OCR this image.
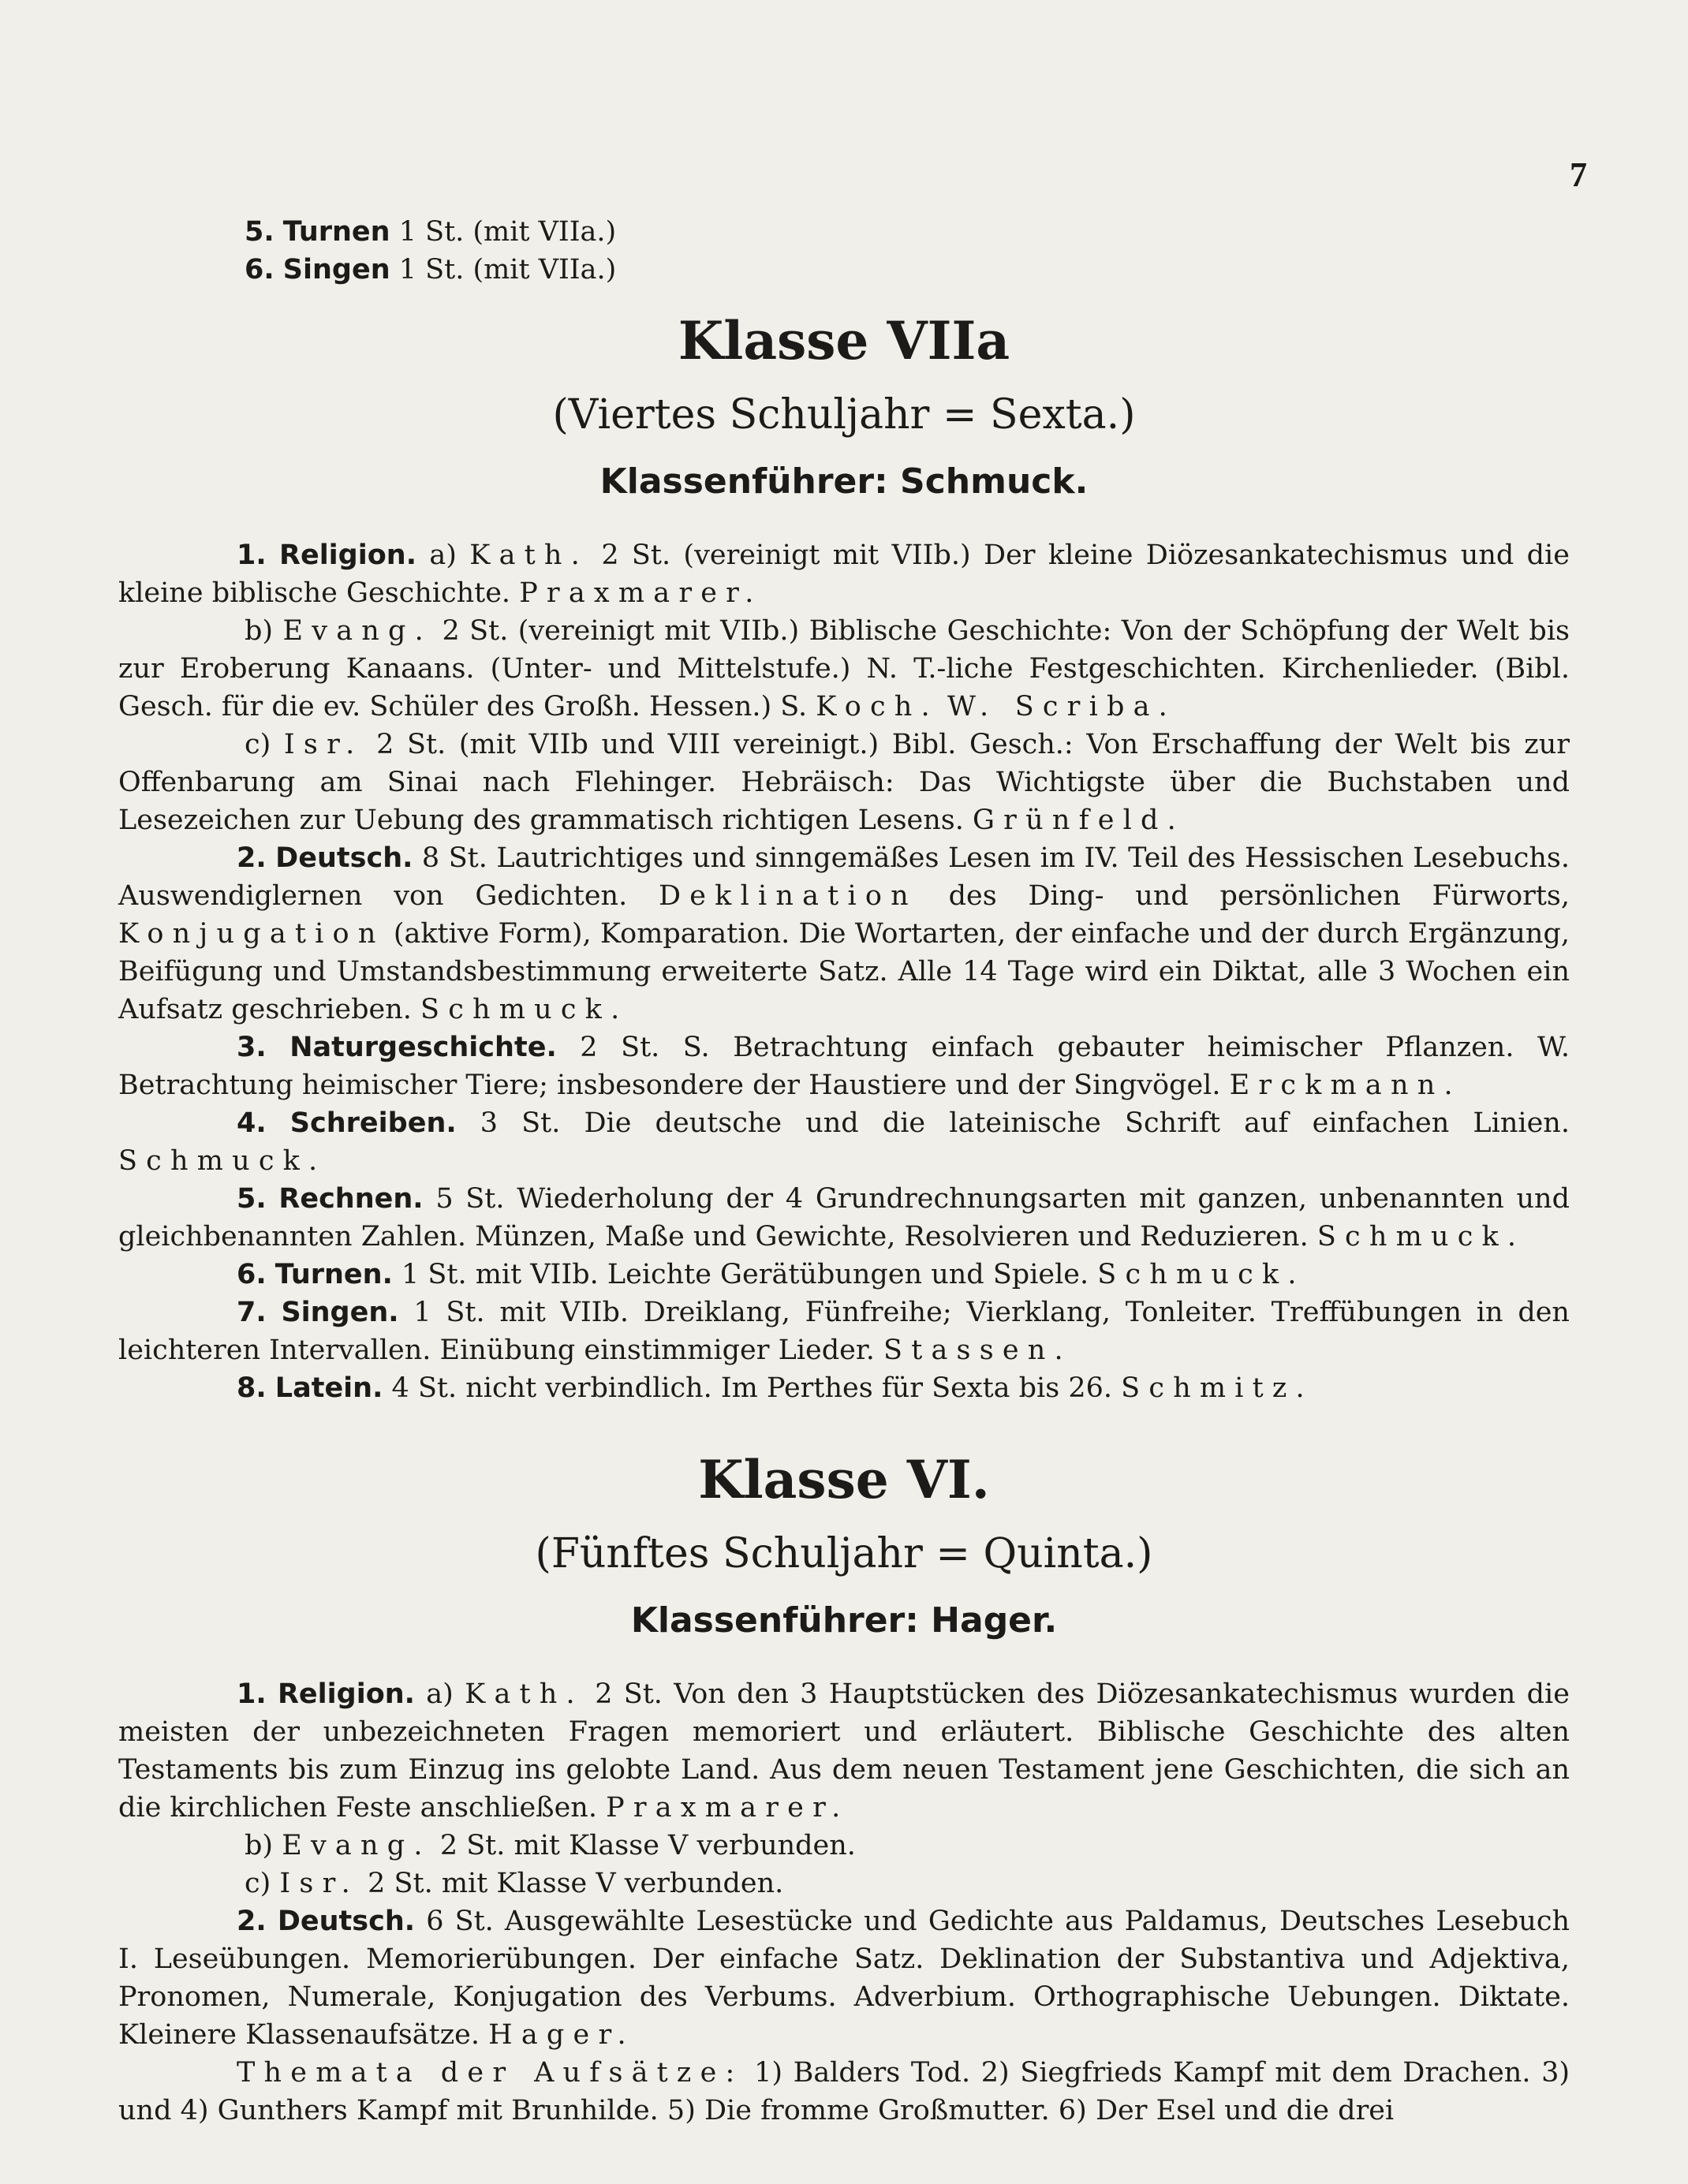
7

5. Turnen 1 St. (mit VIIa.)

6. Singen 1 St. (mit VIIa.)

Klasse VIIa
(Viertes Schuljahr = Sexta.)
Klassenführer: Schmuck.

1. Religion. a) Kath. 2 St. (vereinigt mit VIIb.) Der kleine Diözesankatechismus und die kleine biblische Geschichte. Praxmarer.

b) Evang. 2 St. (vereinigt mit VIIb.) Biblische Geschichte: Von der Schöpfung der Welt bis zur Eroberung Kanaans. (Unter- und Mittelstufe.) N. T.-liche Festgeschichten. Kirchenlieder. (Bibl. Gesch. für die ev. Schüler des Großh. Hessen.) S. Koch. W. Scriba.

c) Isr. 2 St. (mit VIIb und VIII vereinigt.) Bibl. Gesch.: Von Erschaffung der Welt bis zur Offenbarung am Sinai nach Flehinger. Hebräisch: Das Wichtigste über die Buchstaben und Lesezeichen zur Uebung des grammatisch richtigen Lesens. Grünfeld.

2. Deutsch. 8 St. Lautrichtiges und sinngemäßes Lesen im IV. Teil des Hessischen Lesebuchs. Auswendiglernen von Gedichten. Deklination des Ding- und persönlichen Fürworts, Konjugation (aktive Form), Komparation. Die Wortarten, der einfache und der durch Ergänzung, Beifügung und Umstandsbestimmung erweiterte Satz. Alle 14 Tage wird ein Diktat, alle 3 Wochen ein Aufsatz geschrieben. Schmuck.

3. Naturgeschichte. 2 St. S. Betrachtung einfach gebauter heimischer Pflanzen. W. Betrachtung heimischer Tiere; insbesondere der Haustiere und der Singvögel. Erckmann.

4. Schreiben. 3 St. Die deutsche und die lateinische Schrift auf einfachen Linien. Schmuck.

5. Rechnen. 5 St. Wiederholung der 4 Grundrechnungsarten mit ganzen, unbenannten und gleichbenannten Zahlen. Münzen, Maße und Gewichte, Resolvieren und Reduzieren. Schmuck.

6. Turnen. 1 St. mit VIIb. Leichte Gerätübungen und Spiele. Schmuck.

7. Singen. 1 St. mit VIIb. Dreiklang, Fünfreihe; Vierklang, Tonleiter. Treffübungen in den leichteren Intervallen. Einübung einstimmiger Lieder. Stassen.

8. Latein. 4 St. nicht verbindlich. Im Perthes für Sexta bis 26. Schmitz.

Klasse VI.
(Fünftes Schuljahr = Quinta.)
Klassenführer: Hager.

1. Religion. a) Kath. 2 St. Von den 3 Hauptstücken des Diözesankatechismus wurden die meisten der unbezeichneten Fragen memoriert und erläutert. Biblische Geschichte des alten Testaments bis zum Einzug ins gelobte Land. Aus dem neuen Testament jene Geschichten, die sich an die kirchlichen Feste anschließen. Praxmarer.

b) Evang. 2 St. mit Klasse V verbunden.

c) Isr. 2 St. mit Klasse V verbunden.

2. Deutsch. 6 St. Ausgewählte Lesestücke und Gedichte aus Paldamus, Deutsches Lesebuch I. Leseübungen. Memorierübungen. Der einfache Satz. Deklination der Substantiva und Adjektiva, Pronomen, Numerale, Konjugation des Verbums. Adverbium. Orthographische Uebungen. Diktate. Kleinere Klassenaufsätze. Hager.

Themata der Aufsätze: 1) Balders Tod. 2) Siegfrieds Kampf mit dem Drachen. 3) und 4) Gunthers Kampf mit Brunhilde. 5) Die fromme Großmutter. 6) Der Esel und die drei
